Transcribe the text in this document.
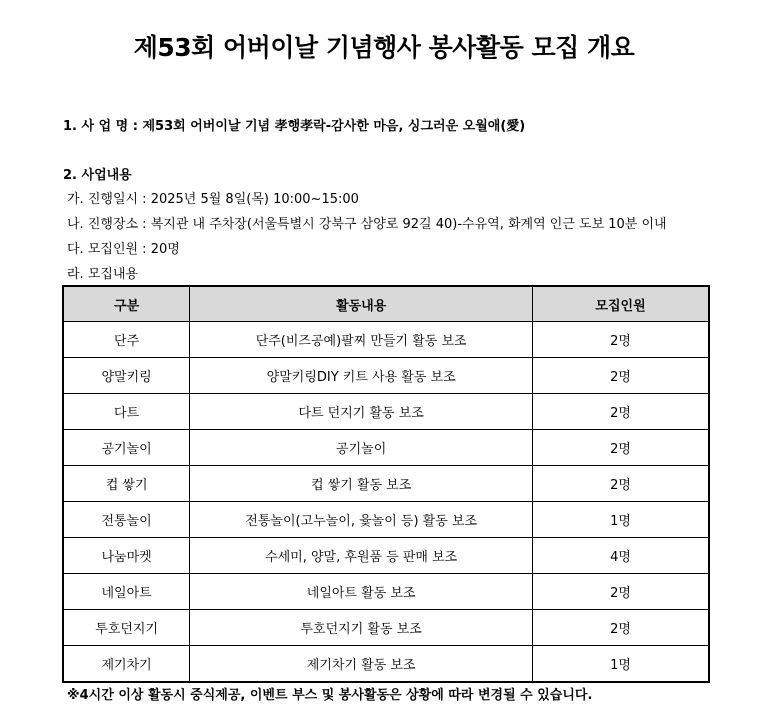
제53회 어버이날 기념행사 봉사활동 모집 개요
1. 사 업 명 : 제53회 어버이날 기념 孝행孝락-감사한 마음, 싱그러운 오월애(愛)
2. 사업내용
가. 진행일시 : 2025년 5월 8일(목) 10:00~15:00
나. 진행장소 : 복지관 내 주차장(서울특별시 강북구 삼양로 92길 40)-수유역, 화계역 인근 도보 10분 이내
다. 모집인원 : 20명
라. 모집내용
구분	활동내용	모집인원
단주	단주(비즈공예)팔찌 만들기 활동 보조	2명
양말키링	양말키링DIY 키트 사용 활동 보조	2명
다트	다트 던지기 활동 보조	2명
공기놀이	공기놀이	2명
컵 쌓기	컵 쌓기 활동 보조	2명
전통놀이	전통놀이(고누놀이, 윷놀이 등) 활동 보조	1명
나눔마켓	수세미, 양말, 후원품 등 판매 보조	4명
네일아트	네일아트 활동 보조	2명
투호던지기	투호던지기 활동 보조	2명
제기차기	제기차기 활동 보조	1명
※4시간 이상 활동시 중식제공, 이벤트 부스 및 봉사활동은 상황에 따라 변경될 수 있습니다.
